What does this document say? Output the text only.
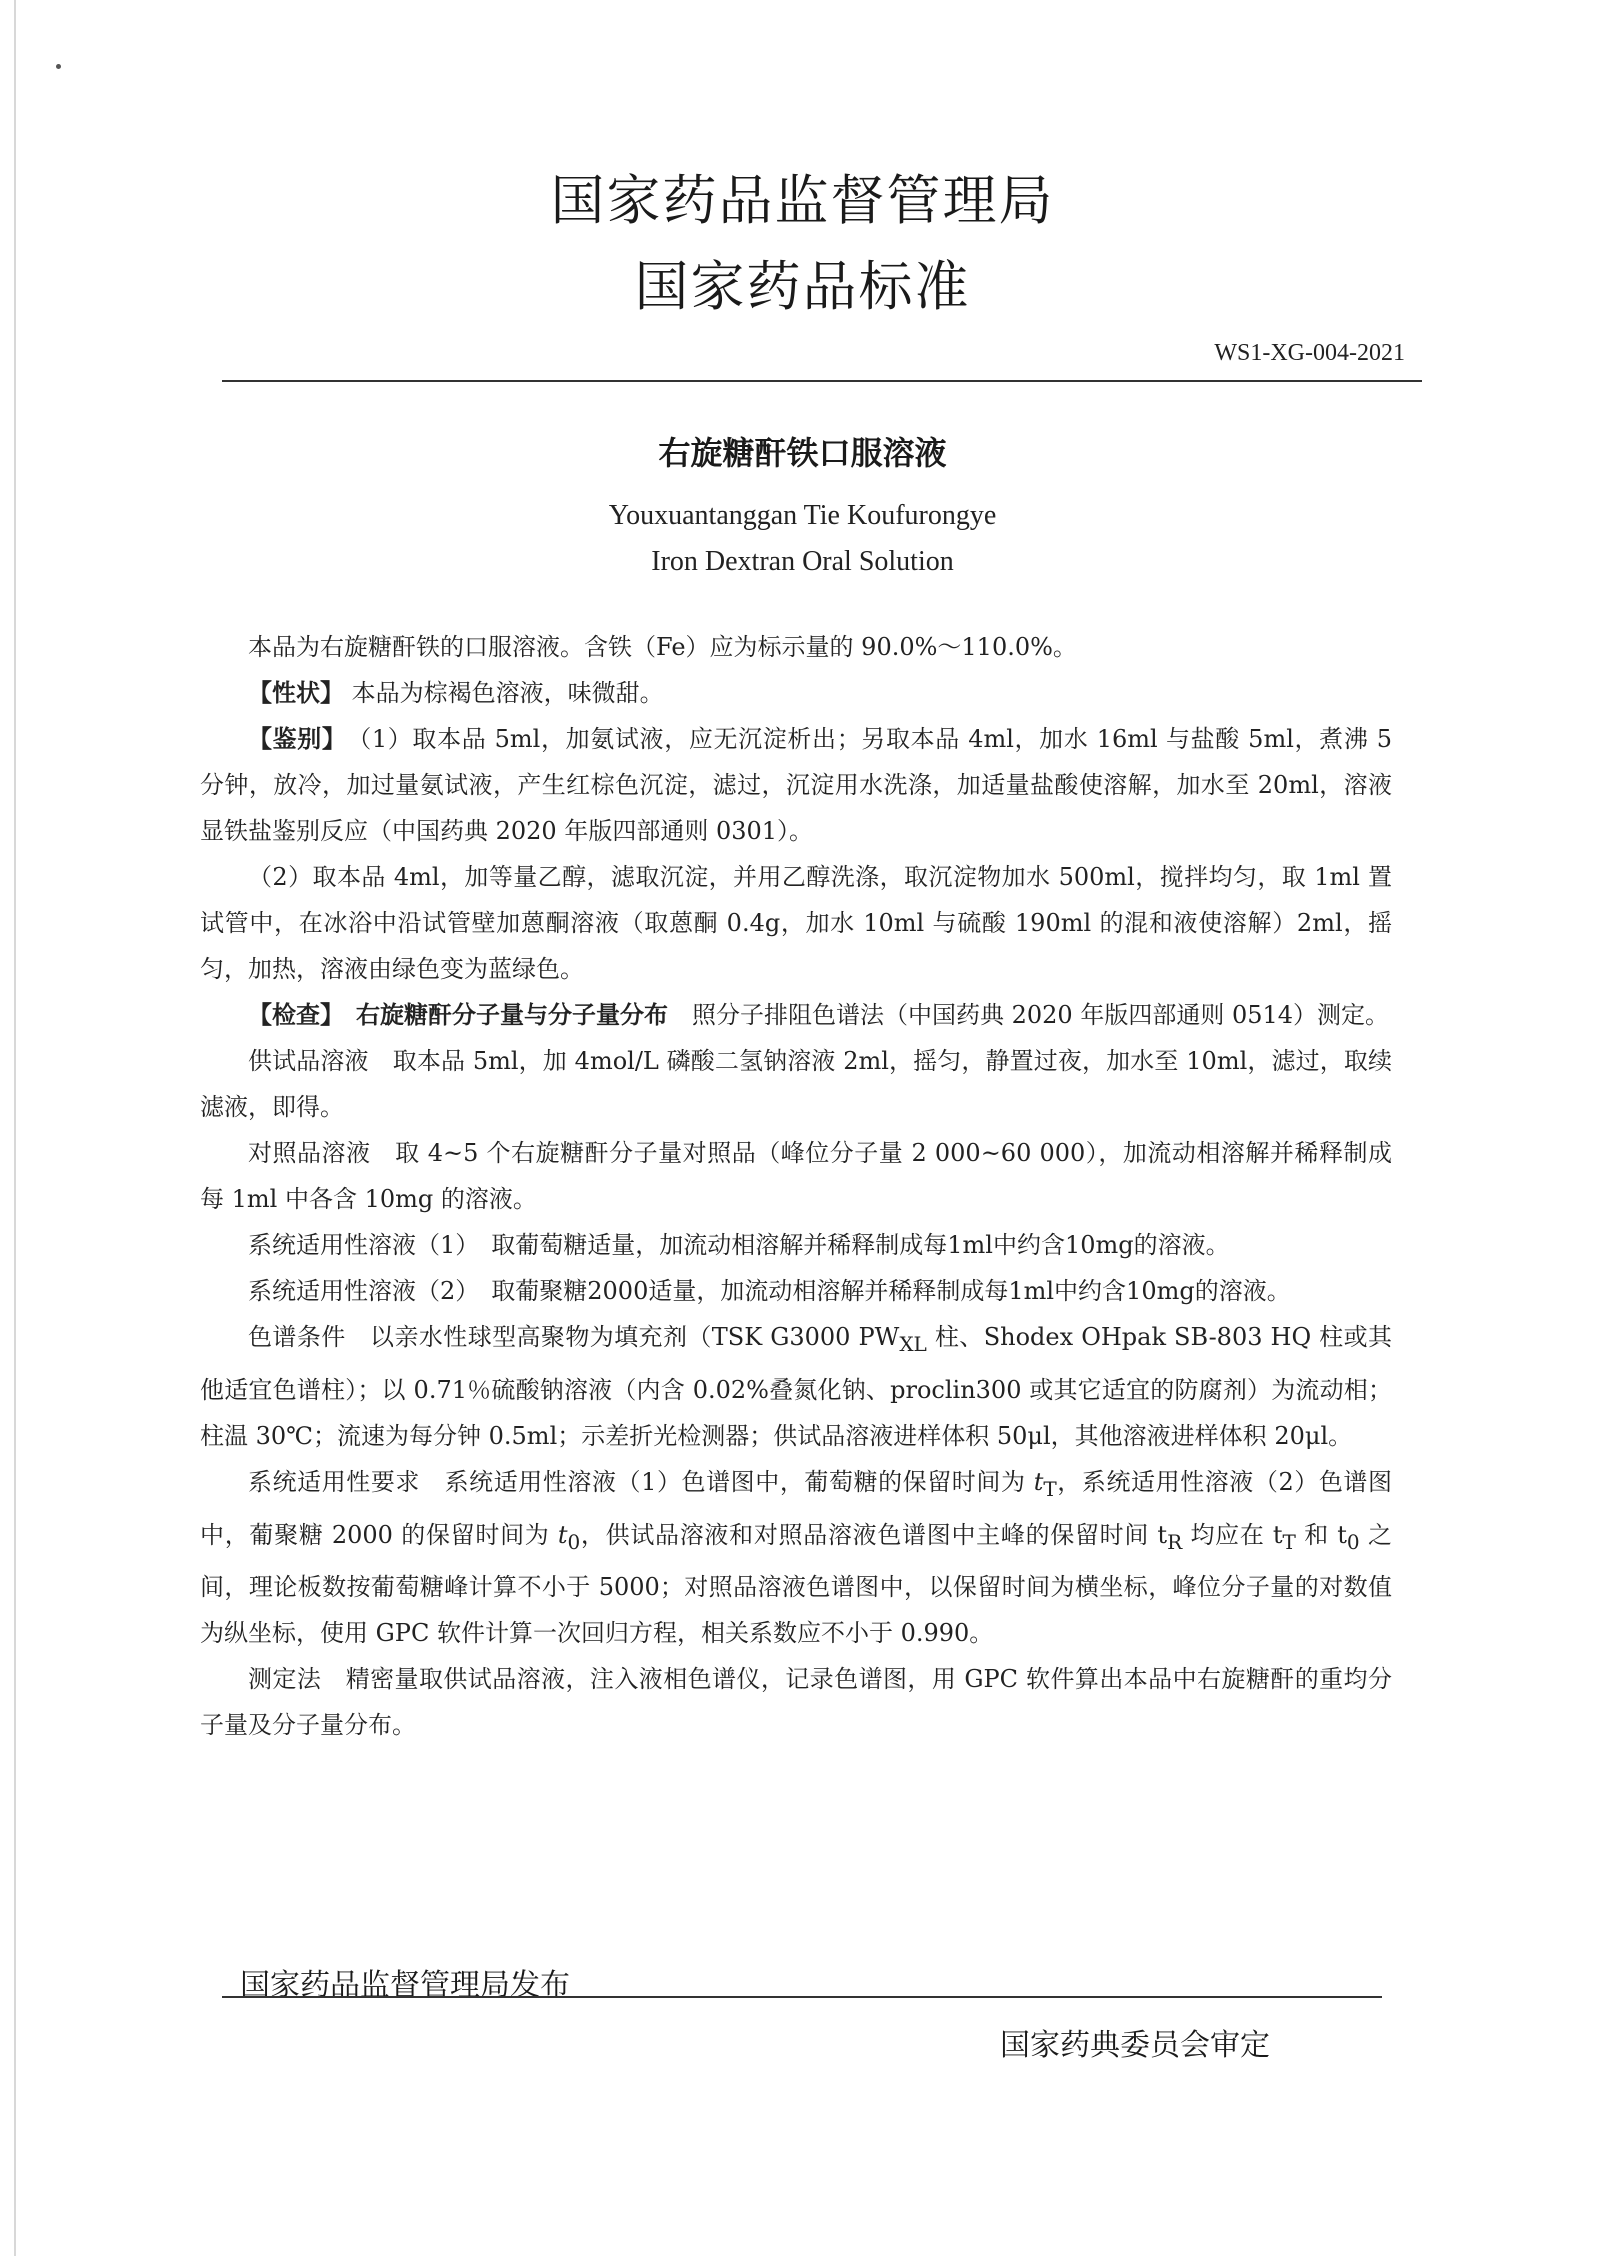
国家药品监督管理局
国家药品标准
WS1-XG-004-2021
右旋糖酐铁口服溶液
Youxuantanggan Tie Koufurongye
Iron Dextran Oral Solution

本品为右旋糖酐铁的口服溶液。含铁（Fe）应为标示量的 90.0%～110.0%。

【性状】 本品为棕褐色溶液，味微甜。

【鉴别】　 （1）取本品 5ml，加氨试液，应无沉淀析出；另取本品 4ml，加水 16ml 与盐酸 5ml，煮沸 5 分钟，放冷，加过量氨试液，产生红棕色沉淀，滤过，沉淀用水洗涤，加适量盐酸使溶解，加水至 20ml，溶液显铁盐鉴别反应（中国药典 2020 年版四部通则 0301）。

（2）取本品 4ml，加等量乙醇，滤取沉淀，并用乙醇洗涤，取沉淀物加水 500ml，搅拌均匀，取 1ml 置试管中，在冰浴中沿试管壁加蒽酮溶液（取蒽酮 0.4g，加水 10ml 与硫酸 190ml 的混和液使溶解）2ml，摇匀，加热，溶液由绿色变为蓝绿色。

【检查】　 右旋糖酐分子量与分子量分布　 照分子排阻色谱法（中国药典 2020 年版四部通则 0514）测定。

供试品溶液　取本品 5ml，加 4mol/L 磷酸二氢钠溶液 2ml，摇匀，静置过夜，加水至 10ml，滤过，取续滤液，即得。

对照品溶液　取 4~5 个右旋糖酐分子量对照品（峰位分子量 2 000~60 000），加流动相溶解并稀释制成每 1ml 中各含 10mg 的溶液。

系统适用性溶液（1）　取葡萄糖适量，加流动相溶解并稀释制成每1ml中约含10mg的溶液。

系统适用性溶液（2）　取葡聚糖2000适量，加流动相溶解并稀释制成每1ml中约含10mg的溶液。

色谱条件　以亲水性球型高聚物为填充剂（TSK G3000 $PW_{XL}$ 柱、Shodex OHpak SB-803 HQ 柱或其他适宜色谱柱）；以 0.71％硫酸钠溶液（内含 0.02%叠氮化钠、proclin300 或其它适宜的防腐剂）为流动相；柱温 30℃；流速为每分钟 0.5ml；示差折光检测器；供试品溶液进样体积 50μl，其他溶液进样体积 20μl。

系统适用性要求　系统适用性溶液（1）色谱图中，葡萄糖的保留时间为 $t_T$，系统适用性溶液（2）色谱图中，葡聚糖 2000 的保留时间为 $t_0$，供试品溶液和对照品溶液色谱图中主峰的保留时间 $t_R$ 均应在 $t_T$ 和 $t_0$ 之间，理论板数按葡萄糖峰计算不小于 5000；对照品溶液色谱图中，以保留时间为横坐标，峰位分子量的对数值为纵坐标，使用 GPC 软件计算一次回归方程，相关系数应不小于 0.990。

测定法　精密量取供试品溶液，注入液相色谱仪，记录色谱图，用 GPC 软件算出本品中右旋糖酐的重均分子量及分子量分布。

国家药品监督管理局发布
国家药典委员会审定
